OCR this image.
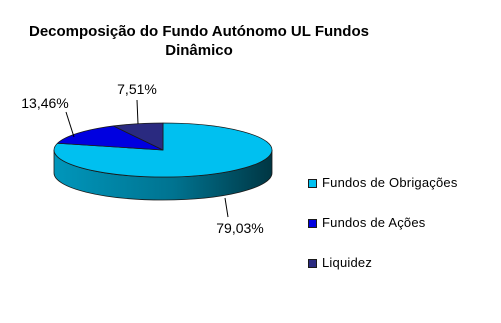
Decomposição do Fundo Autónomo UL Fundos
Dinâmico
79,03%
13,46%
7,51%
Fundos de Obrigações
Fundos de Ações
Liquidez
